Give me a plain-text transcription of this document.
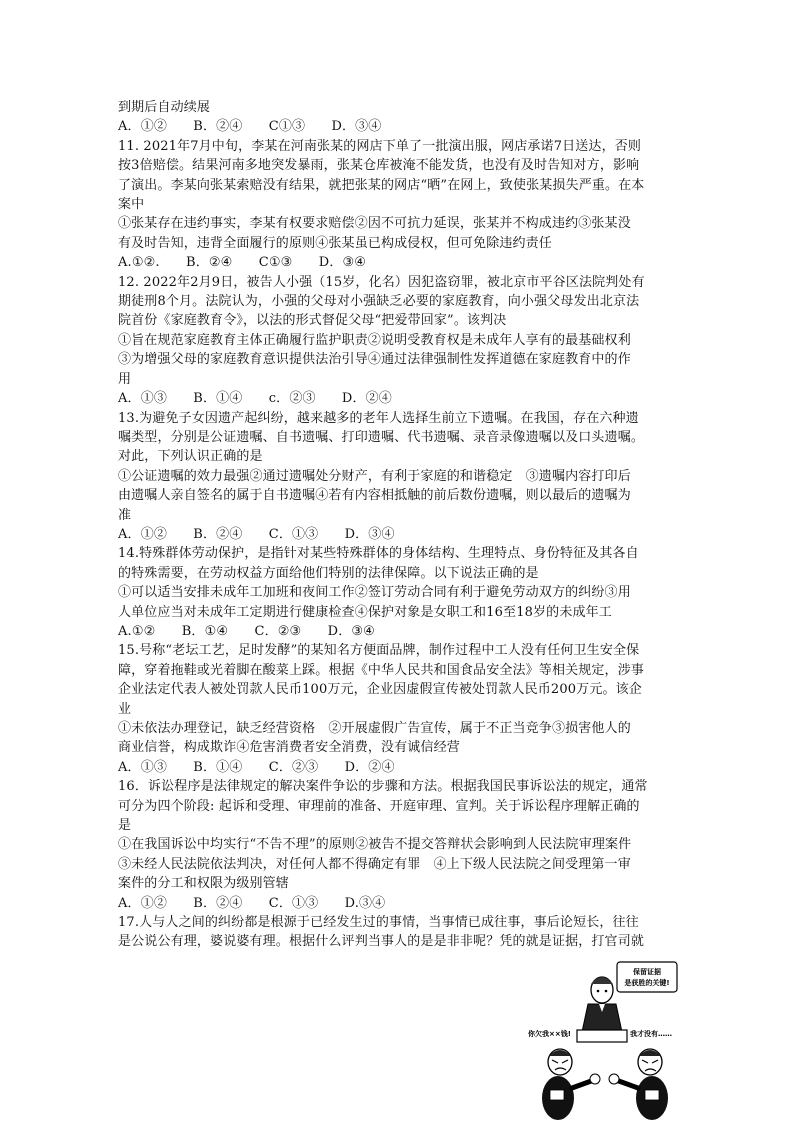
到期后自动续展
A．①②　　B．②④　　C①③　　D．③④
11. 2021年7月中旬，李某在河南张某的网店下单了一批演出服，网店承诺7日送达，否则
按3倍赔偿。结果河南多地突发暴雨，张某仓库被淹不能发货，也没有及时告知对方，影响
了演出。李某向张某索赔没有结果，就把张某的网店“晒”在网上，致使张某损失严重。在本
案中
①张某存在违约事实，李某有权要求赔偿②因不可抗力延误，张某并不构成违约③张某没
有及时告知，违背全面履行的原则④张某虽已构成侵权，但可免除违约责任
A.①②.　　B．②④　　C①③　　D．③④
12. 2022年2月9日，被告人小强（15岁，化名）因犯盗窃罪，被北京市平谷区法院判处有
期徒刑8个月。法院认为，小强的父母对小强缺乏必要的家庭教育，向小强父母发出北京法
院首份《家庭教育令》，以法的形式督促父母“把爱带回家”。该判决
①旨在规范家庭教育主体正确履行监护职责②说明受教育权是未成年人享有的最基础权利
③为增强父母的家庭教育意识提供法治引导④通过法律强制性发挥道德在家庭教育中的作
用
A．①③　　B．①④　　c．②③　　D．②④
13.为避免子女因遗产起纠纷，越来越多的老年人选择生前立下遗嘱。在我国，存在六种遗
嘱类型，分别是公证遗嘱、自书遗嘱、打印遗嘱、代书遗嘱、录音录像遗嘱以及口头遗嘱。
对此，下列认识正确的是
①公证遗嘱的效力最强②通过遗嘱处分财产，有利于家庭的和谐稳定　③遗嘱内容打印后
由遗嘱人亲自签名的属于自书遗嘱④若有内容相抵触的前后数份遗嘱，则以最后的遗嘱为
准
A．①②　　B．②④　　C．①③　　D．③④
14.特殊群体劳动保护，是指针对某些特殊群体的身体结构、生理特点、身份特征及其各自
的特殊需要，在劳动权益方面给他们特别的法律保障。以下说法正确的是
①可以适当安排未成年工加班和夜间工作②签订劳动合同有利于避免劳动双方的纠纷③用
人单位应当对未成年工定期进行健康检查④保护对象是女职工和16至18岁的未成年工
A.①②　　B．①④　　C．②③　　D．③④
15.号称“老坛工艺，足时发酵”的某知名方便面品牌，制作过程中工人没有任何卫生安全保
障，穿着拖鞋或光着脚在酸菜上踩。根据《中华人民共和国食品安全法》等相关规定，涉事
企业法定代表人被处罚款人民币100万元，企业因虚假宣传被处罚款人民币200万元。该企
业
①未依法办理登记，缺乏经营资格　②开展虚假广告宣传，属于不正当竞争③损害他人的
商业信誉，构成欺诈④危害消费者安全消费，没有诚信经营
A．①③　　B．①④　　C．②③　　D．②④
16．诉讼程序是法律规定的解决案件争讼的步骤和方法。根据我国民事诉讼法的规定，通常
可分为四个阶段: 起诉和受理、审理前的准备、开庭审理、宣判。关于诉讼程序理解正确的
是
①在我国诉讼中均实行“不告不理”的原则②被告不提交答辩状会影响到人民法院审理案件
③未经人民法院依法判决，对任何人都不得确定有罪　④上下级人民法院之间受理第一审
案件的分工和权限为级别管辖
A．①②　　B．②④　　C．①③　　D.③④
17.人与人之间的纠纷都是根源于已经发生过的事情，当事情已成往事，事后论短长，往往
是公说公有理，婆说婆有理。根据什么评判当事人的是是非非呢？凭的就是证据，打官司就
保留证据
是获胜的关键!
你欠我××钱!	我才没有……
